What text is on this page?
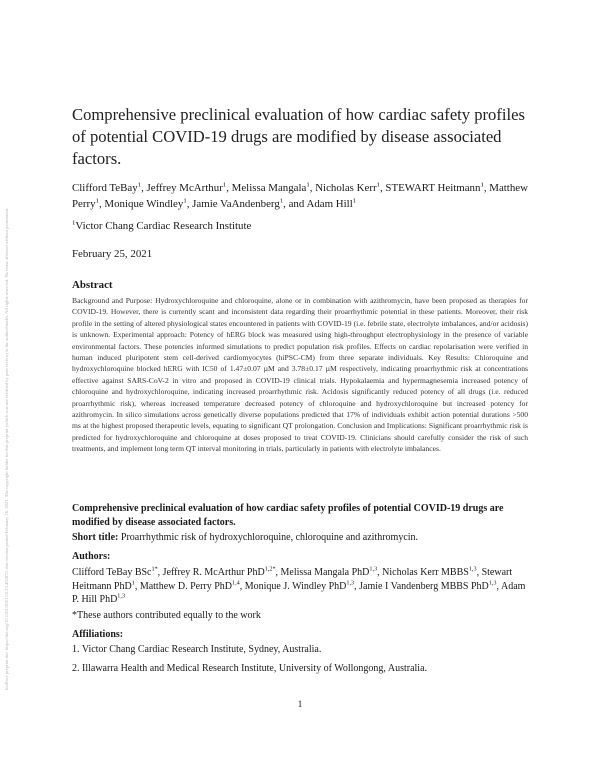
bioRxiv preprint doi: https://doi.org/10.1101/2021.02.25.432872; this version posted February 26, 2021. The copyright holder for this preprint (which was not certified by peer review) is the author/funder. All rights reserved. No reuse allowed without permission.
Comprehensive preclinical evaluation of how cardiac safety profiles of potential COVID-19 drugs are modified by disease associated factors.
Clifford TeBay$^1$, Jeffrey McArthur$^1$, Melissa Mangala$^1$, Nicholas Kerr$^1$, STEWART Heitmann$^1$, Matthew Perry$^1$, Monique Windley$^1$, Jamie VaAndenberg$^1$, and Adam Hill$^1$
$^1$Victor Chang Cardiac Research Institute
February 25, 2021
Abstract
Background and Purpose: Hydroxychloroquine and chloroquine, alone or in combination with azithromycin, have been proposed as therapies for COVID-19. However, there is currently scant and inconsistent data regarding their proarrhythmic potential in these patients. Moreover, their risk profile in the setting of altered physiological states encountered in patients with COVID-19 (i.e. febrile state, electrolyte imbalances, and/or acidosis) is unknown. Experimental approach: Potency of hERG block was measured using high-throughput electrophysiology in the presence of variable environmental factors. These potencies informed simulations to predict population risk profiles. Effects on cardiac repolarisation were verified in human induced pluripotent stem cell-derived cardiomyocytes (hiPSC-CM) from three separate individuals. Key Results: Chloroquine and hydroxychloroquine blocked hERG with IC50 of 1.47±0.07 µM and 3.78±0.17 µM respectively, indicating proarrhythmic risk at concentrations effective against SARS-CoV-2 in vitro and proposed in COVID-19 clinical trials. Hypokalaemia and hypermagnesemia increased potency of chloroquine and hydroxychloroquine, indicating increased proarrhythmic risk. Acidosis significantly reduced potency of all drugs (i.e. reduced proarrhythmic risk), whereas increased temperature decreased potency of chloroquine and hydroxychloroquine but increased potency for azithromycin. In silico simulations across genetically diverse populations predicted that 17% of individuals exhibit action potential durations >500 ms at the highest proposed therapeutic levels, equating to significant QT prolongation. Conclusion and Implications: Significant proarrhythmic risk is predicted for hydroxychloroquine and chloroquine at doses proposed to treat COVID-19. Clinicians should carefully consider the risk of such treatments, and implement long term QT interval monitoring in trials, particularly in patients with electrolyte imbalances.
Comprehensive preclinical evaluation of how cardiac safety profiles of potential COVID-19 drugs are modified by disease associated factors.
Short title: Proarrhythmic risk of hydroxychloroquine, chloroquine and azithromycin.
Authors:
Clifford TeBay BSc$^{1*}$, Jeffrey R. McArthur PhD$^{1,2*}$, Melissa Mangala PhD$^{1,3}$, Nicholas Kerr MBBS$^{1,3}$, Stewart Heitmann PhD$^1$, Matthew D. Perry PhD$^{1,4}$, Monique J. Windley PhD$^{1,3}$, Jamie I Vandenberg MBBS PhD$^{1,3}$, Adam P. Hill PhD$^{1,3}$
*These authors contributed equally to the work
Affiliations:
1. Victor Chang Cardiac Research Institute, Sydney, Australia.
2. Illawarra Health and Medical Research Institute, University of Wollongong, Australia.
1
